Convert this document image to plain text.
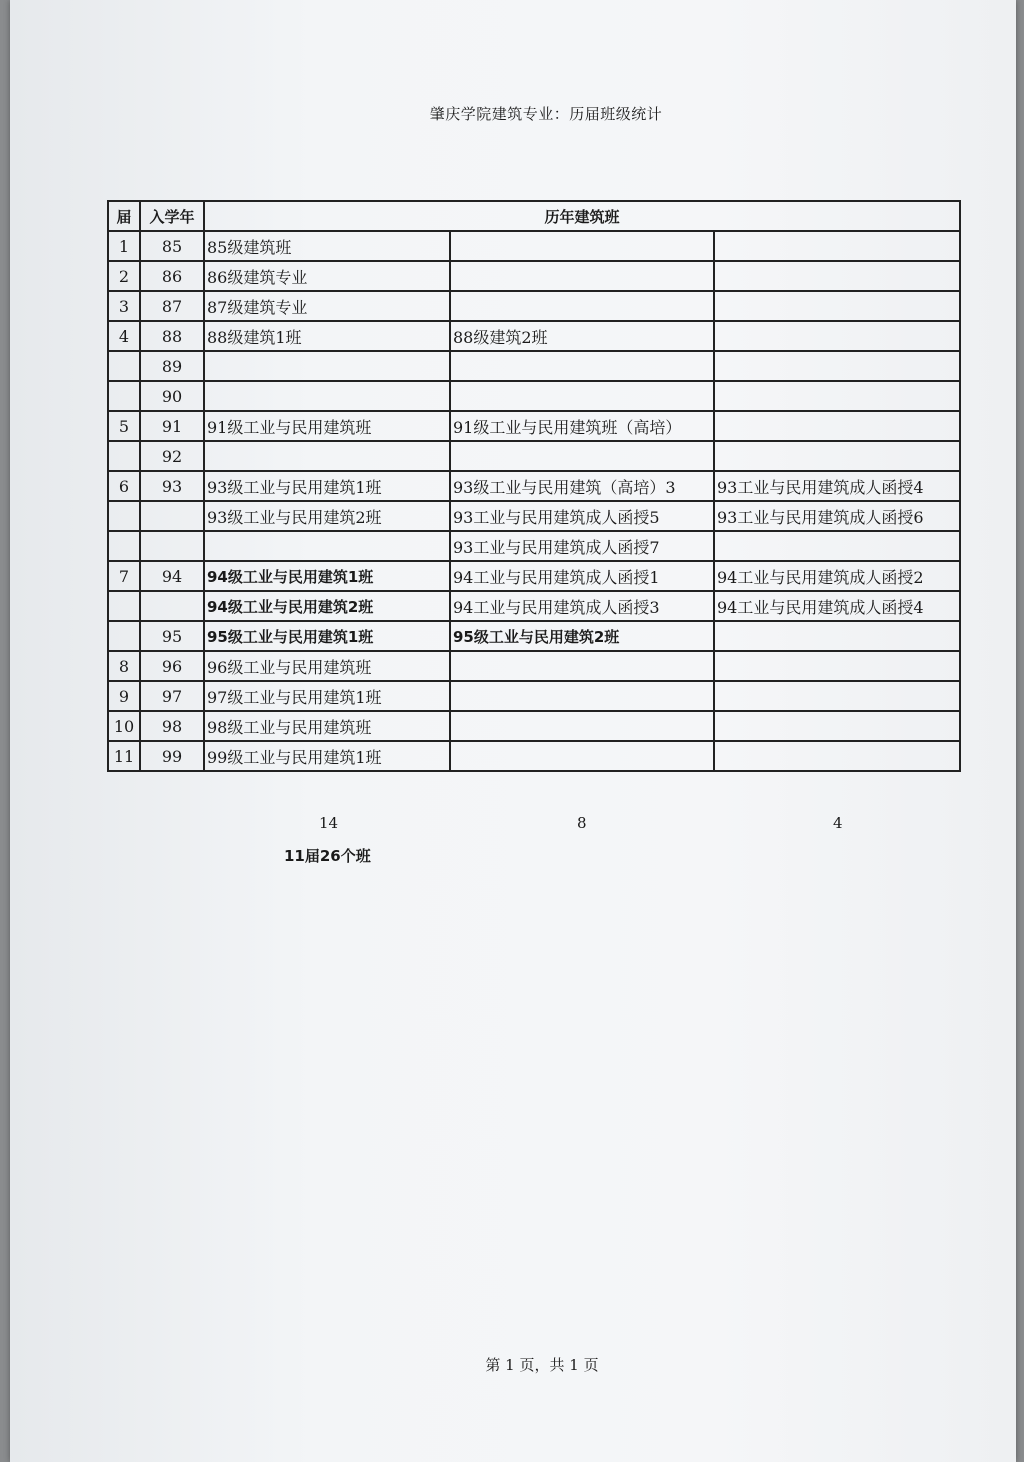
肇庆学院建筑专业：历届班级统计
届	入学年	历年建筑班		
1	85	85级建筑班		
2	86	86级建筑专业		
3	87	87级建筑专业		
4	88	88级建筑1班	88级建筑2班	
	89			
	90			
5	91	91级工业与民用建筑班	91级工业与民用建筑班（高培）	
	92			
6	93	93级工业与民用建筑1班	93级工业与民用建筑（高培）3	93工业与民用建筑成人函授4
		93级工业与民用建筑2班	93工业与民用建筑成人函授5	93工业与民用建筑成人函授6
			93工业与民用建筑成人函授7	
7	94	94级工业与民用建筑1班	94工业与民用建筑成人函授1	94工业与民用建筑成人函授2
		94级工业与民用建筑2班	94工业与民用建筑成人函授3	94工业与民用建筑成人函授4
	95	95级工业与民用建筑1班	95级工业与民用建筑2班	
8	96	96级工业与民用建筑班		
9	97	97级工业与民用建筑1班		
10	98	98级工业与民用建筑班		
11	99	99级工业与民用建筑1班		
14	8	4
11届26个班
第 1 页，共 1 页
